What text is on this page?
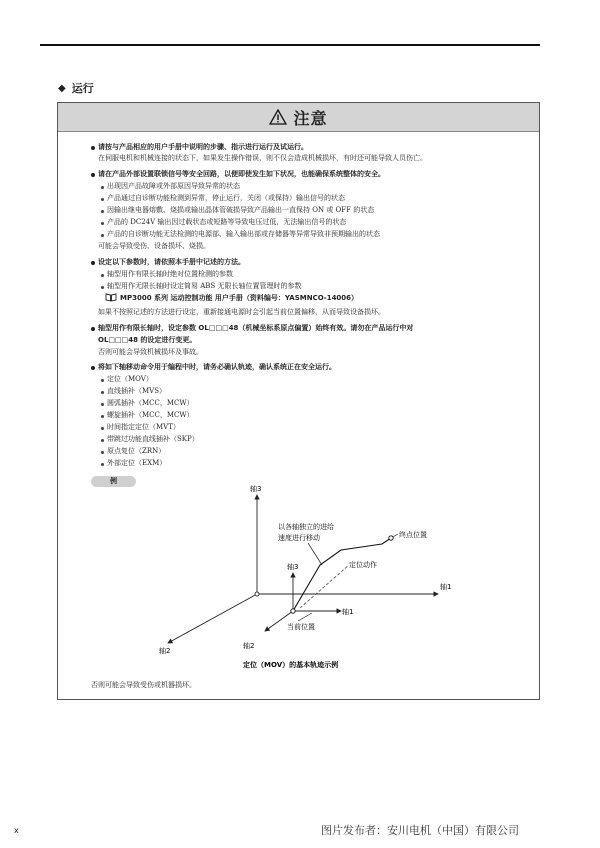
◆ 运行
注意
请按与产品相应的用户手册中说明的步骤、指示进行运行及试运行。
在伺服电机和机械连接的状态下，如果发生操作错误，则不仅会造成机械损坏，有时还可能导致人员伤亡。
请在产品外部设置联锁信号等安全回路，以便即使发生如下状况，也能确保系统整体的安全。
出现因产品故障或外部原因导致异常的状态
产品通过自诊断功能检测到异常，停止运行，关闭（或保持）输出信号的状态
因输出继电器熔敷、烧损或输出晶体管破损导致产品输出一直保持 ON 或 OFF 的状态
产品的 DC24V 输出因过载状态或短路等导致电压过低，无法输出信号的状态
产品的自诊断功能无法检测的电源部、输入输出部或存储器等异常导致非预期输出的状态
可能会导致受伤、设备损坏、烧损。
设定以下参数时，请依照本手册中记述的方法。
轴型用作有限长轴时绝对位置检测的参数
轴型用作无限长轴时设定简易 ABS 无限长轴位置管理时的参数
MP3000 系列 运动控制功能 用户手册（资料编号：YASMNCO-14006）
如果不按照记述的方法进行设定，重新接通电源时会引起当前位置偏移，从而导致设备损坏。
轴型用作有限长轴时，设定参数 OL□□□48（机械坐标系原点偏置）始终有效。请勿在产品运行中对
OL□□□48 的设定进行变更。
否则可能会导致机械损坏及事故。
将如下轴移动命令用于编程中时，请务必确认轨迹，确认系统正在安全运行。
定位（MOV）
直线插补（MVS）
圆弧插补（MCC，MCW）
螺旋插补（MCC，MCW）
时间指定定位（MVT）
带跳过功能直线插补（SKP）
原点复位（ZRN）
外部定位（EXM）
例
轴3
轴1
轴2
轴3
轴1
轴2
以各轴独立的进给
速度进行移动	终点位置
定位动作
当前位置
定位（MOV）的基本轨迹示例
否则可能会导致受伤或机器损坏。
x	图片发布者：安川电机（中国）有限公司
